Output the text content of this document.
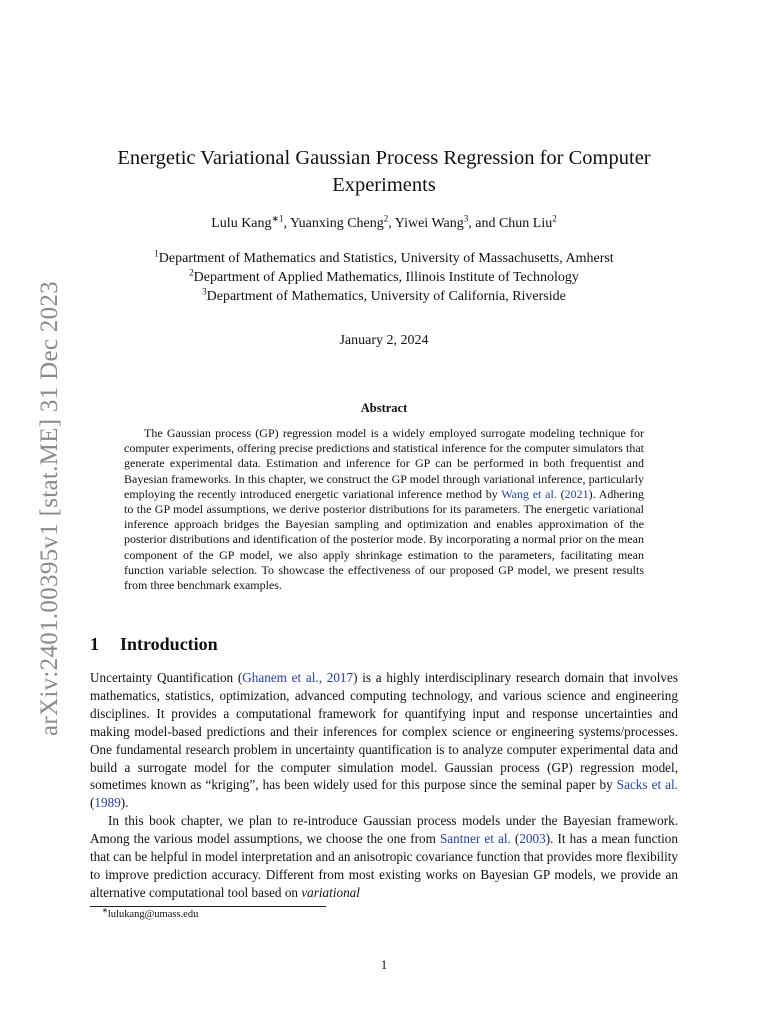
arXiv:2401.00395v1 [stat.ME] 31 Dec 2023
Energetic Variational Gaussian Process Regression for Computer Experiments
Lulu Kang$^{∗1}$, Yuanxing Cheng$^2$, Yiwei Wang$^3$, and Chun Liu$^2$
$^1$Department of Mathematics and Statistics, University of Massachusetts, Amherst
$^2$Department of Applied Mathematics, Illinois Institute of Technology
$^3$Department of Mathematics, University of California, Riverside
January 2, 2024
Abstract
The Gaussian process (GP) regression model is a widely employed surrogate modeling technique for computer experiments, offering precise predictions and statistical inference for the computer simulators that generate experimental data. Estimation and inference for GP can be performed in both frequentist and Bayesian frameworks. In this chapter, we construct the GP model through variational inference, particularly employing the recently introduced energetic variational inference method by Wang et al. (2021). Adhering to the GP model assumptions, we derive posterior distributions for its parameters. The energetic variational inference approach bridges the Bayesian sampling and optimization and enables approximation of the posterior distributions and identification of the posterior mode. By incorporating a normal prior on the mean component of the GP model, we also apply shrinkage estimation to the parameters, facilitating mean function variable selection. To showcase the effectiveness of our proposed GP model, we present results from three benchmark examples.
1 Introduction

Uncertainty Quantification (Ghanem et al., 2017) is a highly interdisciplinary research domain that involves mathematics, statistics, optimization, advanced computing technology, and various science and engineering disciplines. It provides a computational framework for quantifying input and response uncertainties and making model-based predictions and their inferences for complex science or engineering systems/processes. One fundamental research problem in uncertainty quantification is to analyze computer experimental data and build a surrogate model for the computer simulation model. Gaussian process (GP) regression model, sometimes known as “kriging”, has been widely used for this purpose since the seminal paper by Sacks et al. (1989).

In this book chapter, we plan to re-introduce Gaussian process models under the Bayesian framework. Among the various model assumptions, we choose the one from Santner et al. (2003). It has a mean function that can be helpful in model interpretation and an anisotropic covariance function that provides more flexibility to improve prediction accuracy. Different from most existing works on Bayesian GP models, we provide an alternative computational tool based on variational

∗lulukang@umass.edu
1
